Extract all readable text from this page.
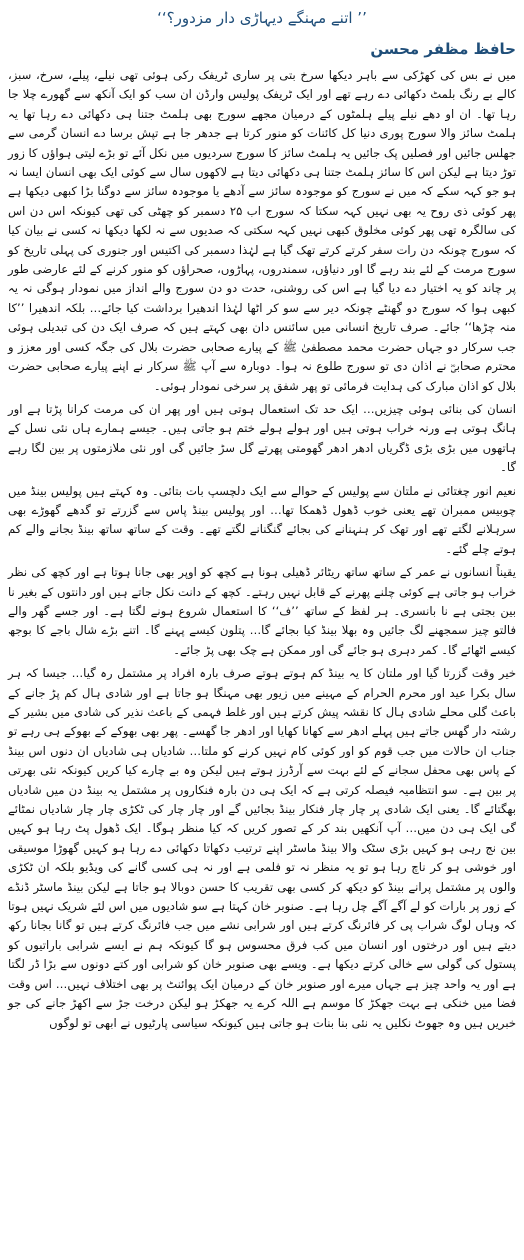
’’ اتنے مہنگے دیہاڑی دار مزدور؟‘‘
حافظ مظفر محسن

میں نے بس کی کھڑکی سے باہر دیکھا سرخ بتی پر ساری ٹریفک رکی ہوئی تھی نیلے، پیلے، سرخ، سبز، کالے بے رنگ بلمٹ دکھائی دے رہے تھے اور ایک ٹریفک پولیس وارڈن ان سب کو ایک آنکھ سے گھورے چلا جا رہا تھا۔ ان او دھے نیلے پیلے ہلمٹوں کے درمیان مجھے سورج بھی ہلمٹ جتنا ہی دکھائی دے رہا تھا یہ ہلمٹ سائز والا سورج پوری دنیا کل کائنات کو منور کرتا ہے جدھر جا ہے تپش برسا دے انسان گرمی سے جھلس جائیں اور فصلیں پک جائیں یہ ہلمٹ سائز کا سورج سردیوں میں نکل آئے تو بڑے لیتی ہواؤں کا زور توڑ دیتا ہے لیکن اس کا سائز ہلمٹ جتنا ہی دکھائی دیتا ہے لاکھوں سال سے کوئی ایک بھی انسان ایسا نہ ہو جو کہہ سکے کہ میں نے سورج کو موجودہ سائز سے آدھے یا موجودہ سائز سے دوگنا بڑا کبھی دیکھا ہے پھر کوئی ذی روح یہ بھی نہیں کہہ سکتا کہ سورج اب ۲۵ دسمبر کو چھٹی کی تھی کیونکہ اس دن اس کی سالگرہ تھی پھر کوئی مخلوق کبھی نہیں کہہ سکتی کہ صدیوں سے نہ لکھا دیکھا نہ کسی نے بیان کیا کہ سورج چونکہ دن رات سفر کرتے کرتے تھک گیا ہے لہٰذا دسمبر کی اکتیس اور جنوری کی پہلی تاریخ کو سورج مرمت کے لئے بند رہے گا اور دنیاؤں، سمندروں، پہاڑوں، صحراؤں کو منور کرنے کے لئے عارضی طور پر چاند کو یہ اختیار دے دیا گیا ہے اس کی روشنی، حدت دو دن سورج والے انداز میں نمودار ہوگی نہ یہ کبھی ہوا کہ سورج دو گھنٹے چونکہ دیر سے سو کر اٹھا لہٰذا اندھیرا برداشت کیا جائے… بلکہ اندھیرا ’’کا منہ چڑھا‘‘ جائے۔ صرف تاریخ انسانی میں سائنس دان بھی کہتے ہیں کہ صرف ایک دن کی تبدیلی ہوئی جب سرکار دو جہاں حضرت محمد مصطفیٰ ﷺ کے پیارے صحابی حضرت بلال کی جگہ کسی اور معزز و محترم صحابیؓ نے اذان دی تو سورج طلوع نہ ہوا۔ دوبارہ سے آپ ﷺ سرکار نے اپنے پیارے صحابی حضرت بلال کو اذان مبارک کی ہدایت فرمائی تو پھر شفق پر سرخی نمودار ہوئی۔

انسان کی بنائی ہوئی چیزیں… ایک حد تک استعمال ہوتی ہیں اور پھر ان کی مرمت کرانا پڑتا ہے اور ہانگ ہوتی ہے ورنہ خراب ہوتی ہیں اور ہولے ہولے ختم ہو جاتی ہیں۔ جیسے ہمارے ہاں نئی نسل کے ہاتھوں میں بڑی بڑی ڈگریاں ادھر ادھر گھومتی پھرتے گل سڑ جائیں گی اور نئی ملازمتوں پر بین لگا رہے گا۔

نعیم انور چغتائی نے ملتان سے پولیس کے حوالے سے ایک دلچسپ بات بتائی۔ وہ کہتے ہیں پولیس بینڈ میں چوبیس ممبران تھے یعنی خوب ڈھول ڈھمکا تھا… اور پولیس بینڈ پاس سے گزرتے تو گدھے گھوڑے بھی سرہلانے لگتے تھے اور تھک کر ہنہنانے کی بجائے گنگنانے لگتے تھے۔ وقت کے ساتھ ساتھ بینڈ بجانے والے کم ہوتے چلے گئے۔

یقیناً انسانوں نے عمر کے ساتھ ساتھ ریٹائر ڈھیلی ہونا ہے کچھ کو اوپر بھی جانا ہوتا ہے اور کچھ کی نظر خراب ہو جاتی ہے کوئی چلنے پھرنے کے قابل نہیں رہتے۔ کچھ کے دانت نکل جاتے ہیں اور دانتوں کے بغیر نا بین بجتی ہے نا بانسری۔ ہر لفظ کے ساتھ ’’ف‘‘ کا استعمال شروع ہونے لگتا ہے۔ اور جسے گھر والے فالتو چیز سمجھنے لگ جائیں وہ بھلا بینڈ کیا بجائے گا… پتلون کیسے پہنے گا۔ اتنے بڑے شال باجے کا بوجھ کیسے اٹھائے گا۔ کمر دہری ہو جائے گی اور ممکن ہے چک بھی پڑ جائے۔

خیر وقت گزرتا گیا اور ملتان کا یہ بینڈ کم ہوتے ہوتے صرف بارہ افراد پر مشتمل رہ گیا… جیسا کہ ہر سال بکرا عید اور محرم الحرام کے مہینے میں زیور بھی مہنگا ہو جاتا ہے اور شادی ہال کم پڑ جانے کے باعث گلی محلے شادی ہال کا نقشہ پیش کرتے ہیں اور غلط فہمی کے باعث نذیر کی شادی میں بشیر کے رشتہ دار گھس جاتے ہیں پہلے ادھر سے کھانا کھایا اور ادھر جا گھسے۔ پھر بھی بھوکے کے بھوکے ہی رہے تو جناب ان حالات میں جب قوم کو اور کوئی کام نہیں کرنے کو ملتا… شادیاں ہی شادیاں ان دنوں اس بینڈ کے پاس بھی محفل سجانے کے لئے بہت سے آرڈرز ہوتے ہیں لیکن وہ بے چارے کیا کریں کیونکہ نئی بھرتی پر بین ہے۔ سو انتظامیہ فیصلہ کرتی ہے کہ ایک ہی دن بارہ فنکاروں پر مشتمل یہ بینڈ دن میں شادیاں بھگتائے گا۔ یعنی ایک شادی پر چار چار فنکار بینڈ بجائیں گے اور چار چار کی ٹکڑی چار چار شادیاں نمٹائے گی ایک ہی دن میں… آپ آنکھیں بند کر کے تصور کریں کہ کیا منظر ہوگا۔ ایک ڈھول پٹ رہا ہو کہیں بین نج رہی ہو کہیں بڑی سٹک والا بینڈ ماسٹر اپنے ترتیب دکھاتا دکھائی دے رہا ہو کہیں گھوڑا موسیقی اور خوشی ہو کر ناچ رہا ہو تو یہ منظر نہ تو فلمی ہے اور نہ ہی کسی گانے کی ویڈیو بلکہ ان ٹکڑی والوں پر مشتمل پرانے بینڈ کو دیکھ کر کسی بھی تقریب کا حسن دوبالا ہو جاتا ہے لیکن بینڈ ماسٹر ڈنڈے کے زور پر بارات کو لے آگے آگے چل رہا ہے۔ صنوبر خان کہتا ہے سو شادیوں میں اس لئے شریک نہیں ہوتا کہ وہاں لوگ شراب پی کر فائرنگ کرتے ہیں اور شرابی نشے میں جب فائرنگ کرتے ہیں تو گانا بجانا رکھ دیتے ہیں اور درختوں اور انسان میں کب فرق محسوس ہو گا کیونکہ ہم نے ایسے شرابی باراتیوں کو پستول کی گولی سے خالی کرتے دیکھا ہے۔ ویسے بھی صنوبر خان کو شرابی اور کتے دونوں سے بڑا ڈر لگتا ہے اور یہ واحد چیز ہے جہاں میرے اور صنوبر خان کے درمیان ایک پوائنٹ پر بھی اختلاف نہیں… اس وقت فضا میں خنکی ہے بہت جھکڑ کا موسم ہے اللہ کرے یہ جھکڑ ہو لیکن درخت جڑ سے اکھڑ جانے کی جو خبریں ہیں وہ جھوٹ نکلیں یہ نئی بنا بنات ہو جاتی ہیں کیونکہ سیاسی پارٹیوں نے ابھی تو لوگوں
